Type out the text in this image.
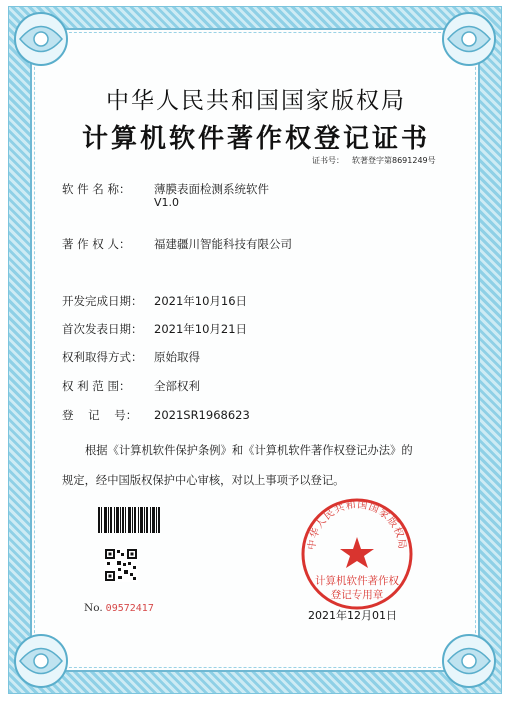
中华人民共和国国家版权局
计算机软件著作权登记证书
证书号： 软著登字第8691249号
软 件 名 称： 薄膜表面检测系统软件
V1.0
著 作 权 人： 福建疆川智能科技有限公司
开发完成日期： 2021年10月16日
首次发表日期： 2021年10月21日
权利取得方式： 原始取得
权 利 范 围： 全部权利
登    记    号： 2021SR1968623
根据《计算机软件保护条例》和《计算机软件著作权登记办法》的
规定，经中国版权保护中心审核，对以上事项予以登记。
No. 09572417
中华人民共和国国家版权局
计算机软件著作权
登记专用章
2021年12月01日
